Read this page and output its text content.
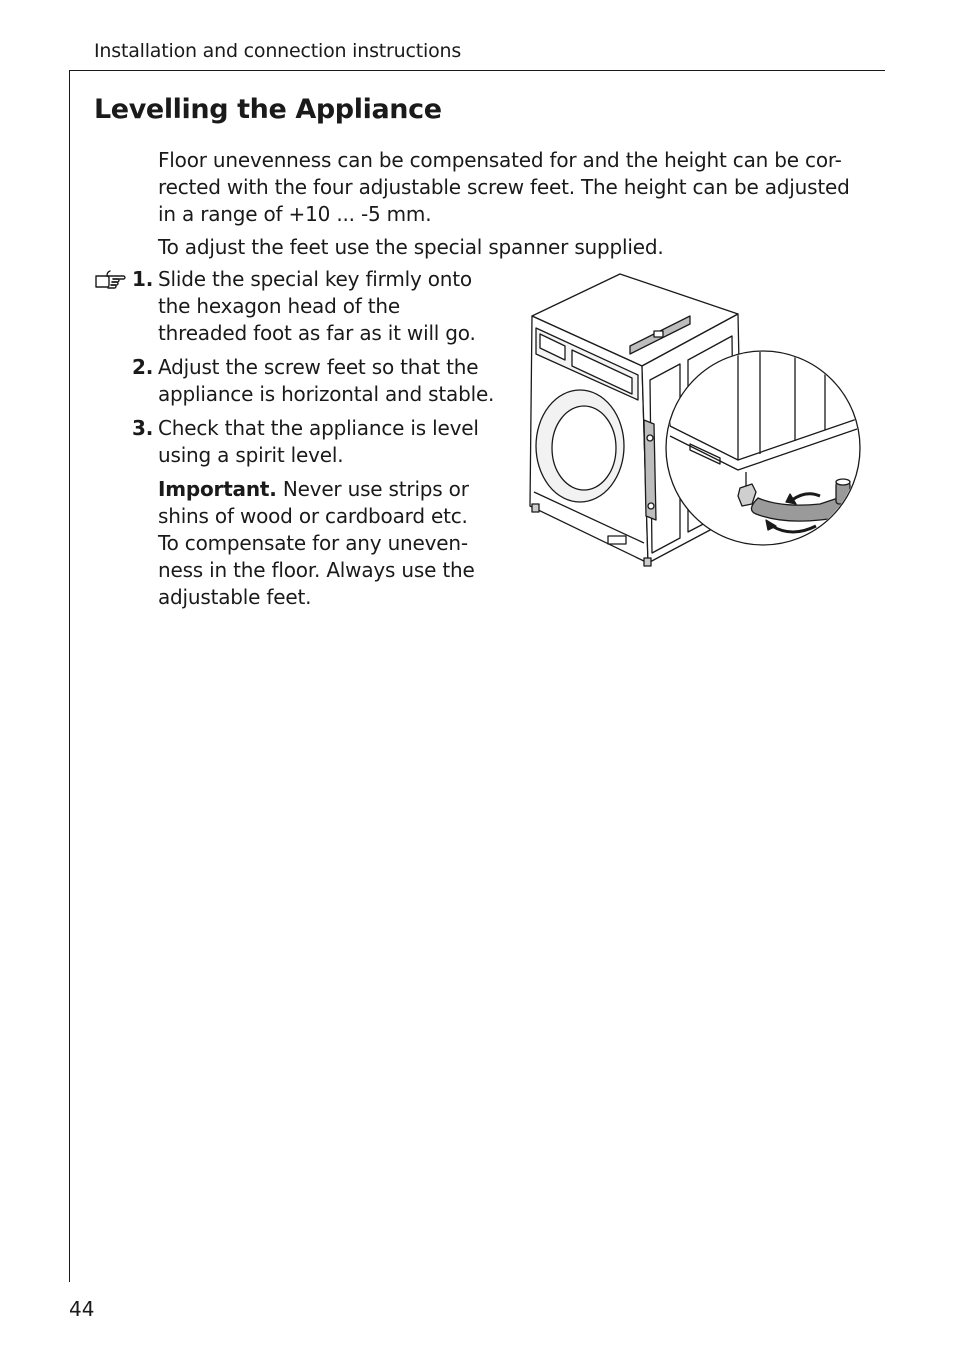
Installation and connection instructions
Levelling the Appliance

Floor unevenness can be compensated for and the height can be cor-
rected with the four adjustable screw feet. The height can be adjusted
in a range of +10 ... -5 mm.

To adjust the feet use the special spanner supplied.

1. Slide the special key firmly onto
the hexagon head of the
threaded foot as far as it will go.
2. Adjust the screw feet so that the
appliance is horizontal and stable.
3. Check that the appliance is level
using a spirit level.
Important. Never use strips or
shins of wood or cardboard etc.
To compensate for any uneven-
ness in the floor. Always use the
adjustable feet.
44
